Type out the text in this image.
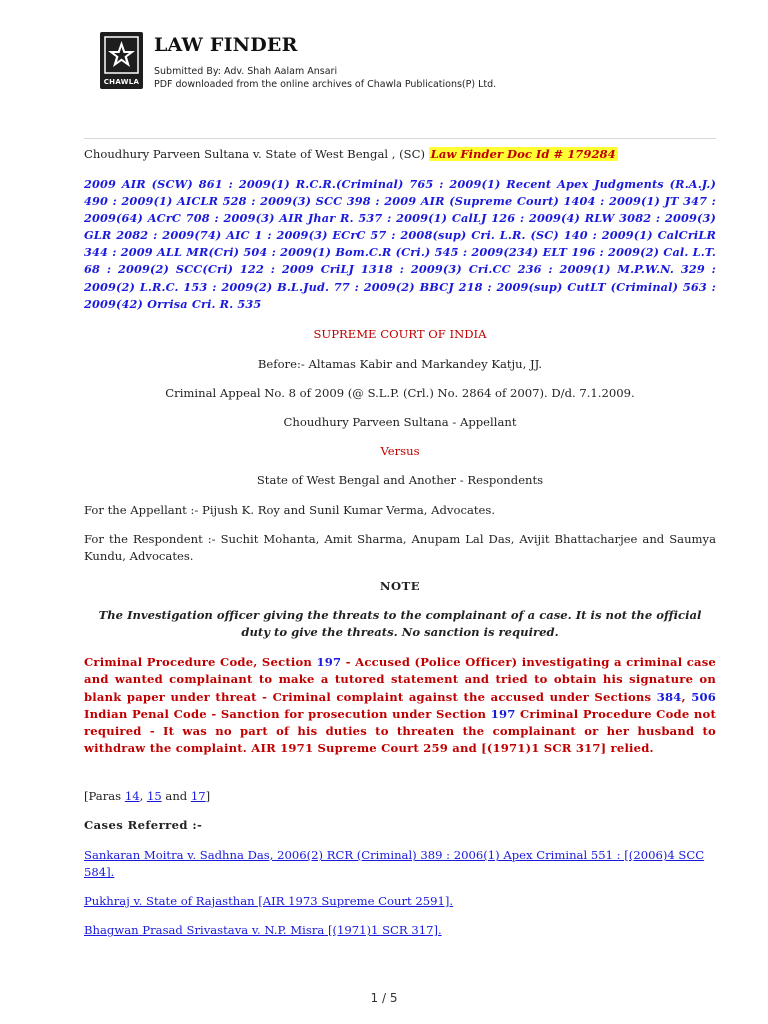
CHAWLA
LAW FINDER
Submitted By: Adv. Shah Aalam Ansari
PDF downloaded from the online archives of Chawla Publications(P) Ltd.
Choudhury Parveen Sultana v. State of West Bengal , (SC) Law Finder Doc Id # 179284
2009 AIR (SCW) 861 : 2009(1) R.C.R.(Criminal) 765 : 2009(1) Recent Apex Judgments (R.A.J.) 490 : 2009(1) AICLR 528 : 2009(3) SCC 398 : 2009 AIR (Supreme Court) 1404 : 2009(1) JT 347 : 2009(64) ACrC 708 : 2009(3) AIR Jhar R. 537 : 2009(1) CalLJ 126 : 2009(4) RLW 3082 : 2009(3) GLR 2082 : 2009(74) AIC 1 : 2009(3) ECrC 57 : 2008(sup) Cri. L.R. (SC) 140 : 2009(1) CalCriLR 344 : 2009 ALL MR(Cri) 504 : 2009(1) Bom.C.R (Cri.) 545 : 2009(234) ELT 196 : 2009(2) Cal. L.T. 68 : 2009(2) SCC(Cri) 122 : 2009 CriLJ 1318 : 2009(3) Cri.CC 236 : 2009(1) M.P.W.N. 329 : 2009(2) L.R.C. 153 : 2009(2) B.L.Jud. 77 : 2009(2) BBCJ 218 : 2009(sup) CutLT (Criminal) 563 : 2009(42) Orrisa Cri. R. 535
SUPREME COURT OF INDIA
Before:- Altamas Kabir and Markandey Katju, JJ.
Criminal Appeal No. 8 of 2009 (@ S.L.P. (Crl.) No. 2864 of 2007). D/d. 7.1.2009.
Choudhury Parveen Sultana - Appellant
Versus
State of West Bengal and Another - Respondents
For the Appellant :- Pijush K. Roy and Sunil Kumar Verma, Advocates.
For the Respondent :- Suchit Mohanta, Amit Sharma, Anupam Lal Das, Avijit Bhattacharjee and Saumya Kundu, Advocates.
NOTE
The Investigation officer giving the threats to the complainant of a case. It is not the official duty to give the threats. No sanction is required.
Criminal Procedure Code, Section 197 - Accused (Police Officer) investigating a criminal case and wanted complainant to make a tutored statement and tried to obtain his signature on blank paper under threat - Criminal complaint against the accused under Sections 384, 506 Indian Penal Code - Sanction for prosecution under Section 197 Criminal Procedure Code not required - It was no part of his duties to threaten the complainant or her husband to withdraw the complaint. AIR 1971 Supreme Court 259 and [(1971)1 SCR 317] relied.
[Paras 14, 15 and 17]
Cases Referred :-
Sankaran Moitra v. Sadhna Das, 2006(2) RCR (Criminal) 389 : 2006(1) Apex Criminal 551 : [(2006)4 SCC 584].
Pukhraj v. State of Rajasthan [AIR 1973 Supreme Court 2591].
Bhagwan Prasad Srivastava v. N.P. Misra [(1971)1 SCR 317].
1 / 5
